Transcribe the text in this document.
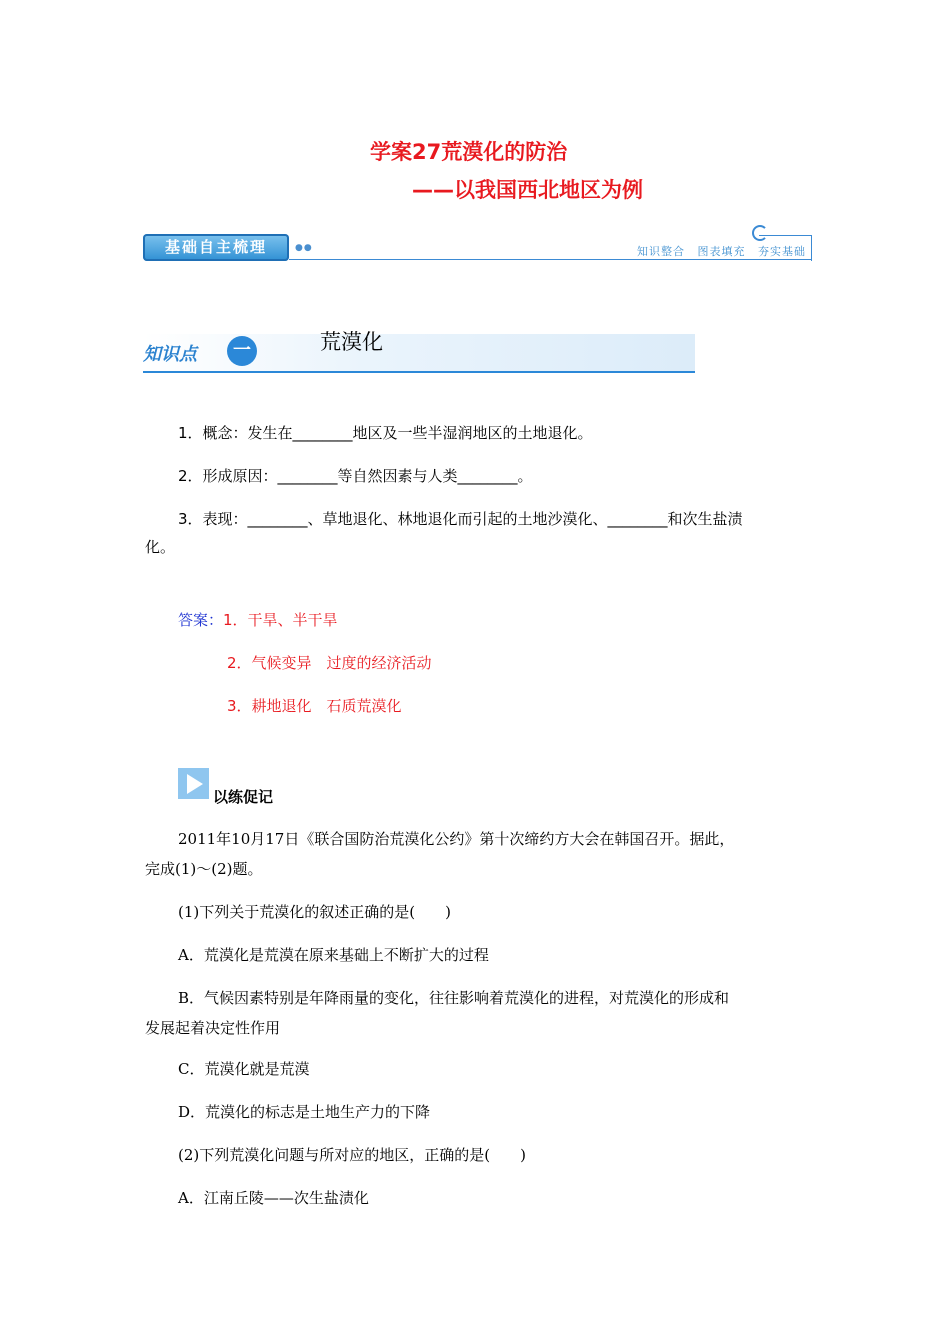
学案27荒漠化的防治
——以我国西北地区为例
基础自主梳理	●●	知识整合 图表填充 夯实基础
知识点	一	荒漠化
1．概念：发生在________地区及一些半湿润地区的土地退化。
2．形成原因：________等自然因素与人类________。
3．表现：________、草地退化、林地退化而引起的土地沙漠化、________和次生盐渍
化。
答案：1．干旱、半干旱
2．气候变异　过度的经济活动
3．耕地退化　石质荒漠化
以练促记
2011年10月17日《联合国防治荒漠化公约》第十次缔约方大会在韩国召开。据此，
完成(1)～(2)题。
(1)下列关于荒漠化的叙述正确的是(　　)
A．荒漠化是荒漠在原来基础上不断扩大的过程
B．气候因素特别是年降雨量的变化，往往影响着荒漠化的进程，对荒漠化的形成和
发展起着决定性作用
C．荒漠化就是荒漠
D．荒漠化的标志是土地生产力的下降
(2)下列荒漠化问题与所对应的地区，正确的是(　　)
A．江南丘陵——次生盐渍化
